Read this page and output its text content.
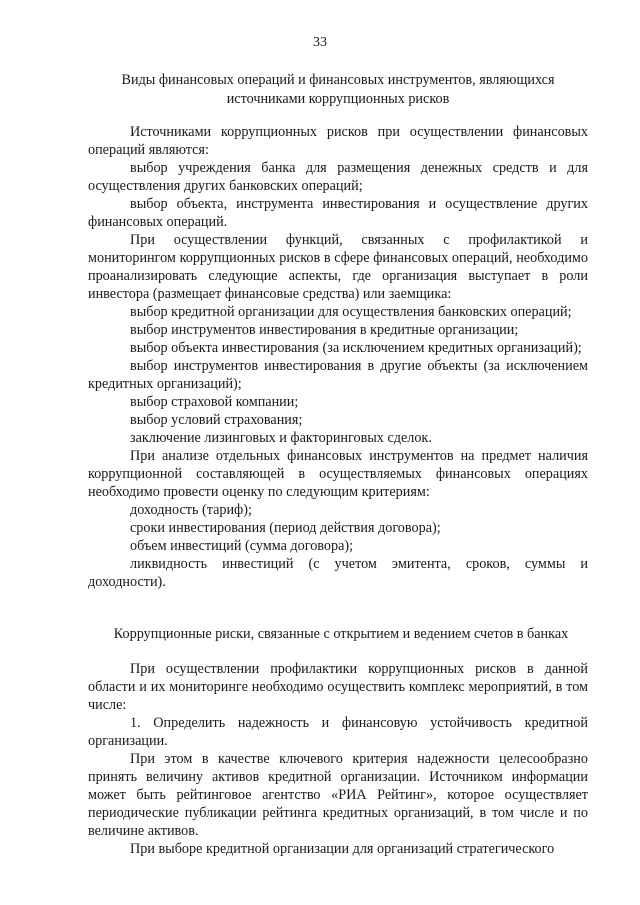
33
Виды финансовых операций и финансовых инструментов, являющихся источниками коррупционных рисков

Источниками коррупционных рисков при осуществлении финансовых операций являются:

выбор учреждения банка для размещения денежных средств и для осуществления других банковских операций;

выбор объекта, инструмента инвестирования и осуществление других финансовых операций.

При осуществлении функций, связанных с профилактикой и мониторингом коррупционных рисков в сфере финансовых операций, необходимо проанализировать следующие аспекты, где организация выступает в роли инвестора (размещает финансовые средства) или заемщика:

выбор кредитной организации для осуществления банковских операций;

выбор инструментов инвестирования в кредитные организации;

выбор объекта инвестирования (за исключением кредитных организаций);

выбор инструментов инвестирования в другие объекты (за исключением кредитных организаций);

выбор страховой компании;

выбор условий страхования;

заключение лизинговых и факторинговых сделок.

При анализе отдельных финансовых инструментов на предмет наличия коррупционной составляющей в осуществляемых финансовых операциях необходимо провести оценку по следующим критериям:

доходность (тариф);

сроки инвестирования (период действия договора);

объем инвестиций (сумма договора);

ликвидность инвестиций (с учетом эмитента, сроков, суммы и доходности).

Коррупционные риски, связанные с открытием и ведением счетов в банках

При осуществлении профилактики коррупционных рисков в данной области и их мониторинге необходимо осуществить комплекс мероприятий, в том числе:

1. Определить надежность и финансовую устойчивость кредитной организации.

При этом в качестве ключевого критерия надежности целесообразно принять величину активов кредитной организации. Источником информации может быть рейтинговое агентство «РИА Рейтинг», которое осуществляет периодические публикации рейтинга кредитных организаций, в том числе и по величине активов.

При выборе кредитной организации для организаций стратегического
